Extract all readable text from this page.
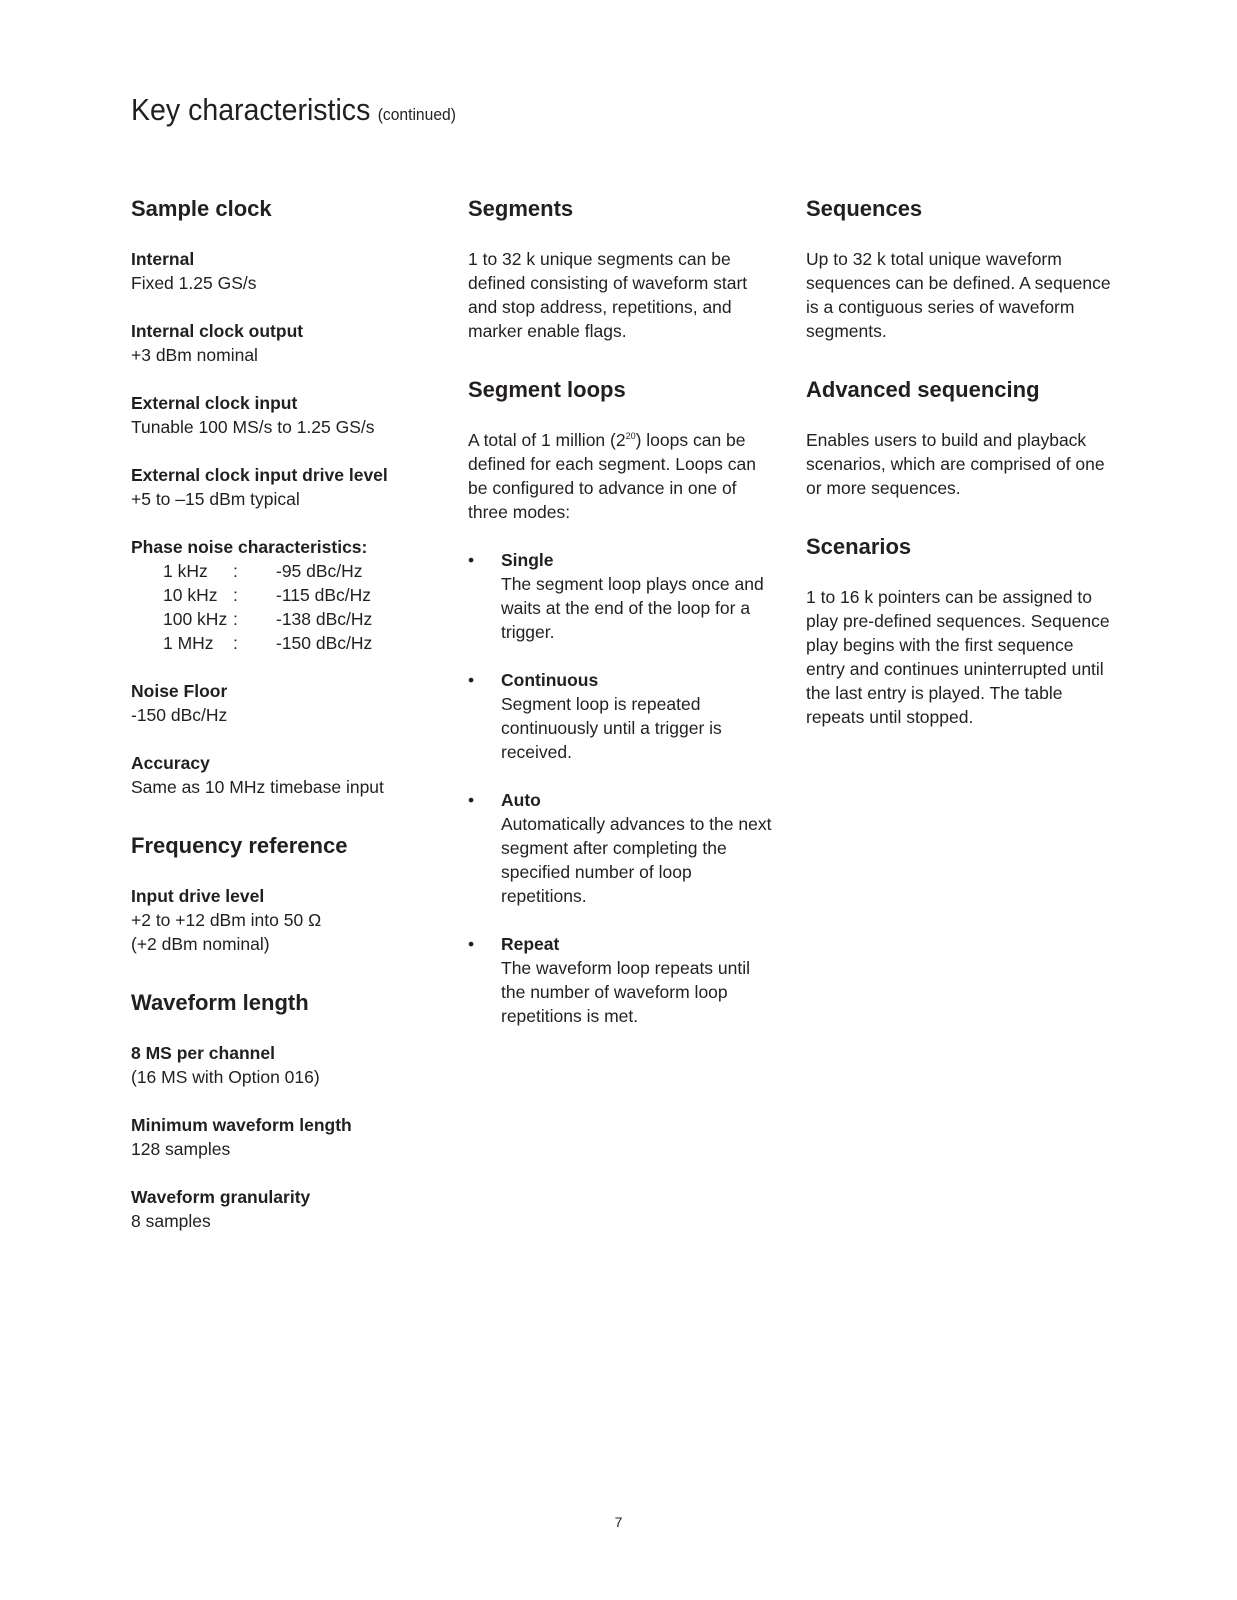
Key characteristics (continued)
Sample clock
Internal
Fixed 1.25 GS/s
Internal clock output
+3 dBm nominal
External clock input
Tunable 100 MS/s to 1.25 GS/s
External clock input drive level
+5 to –15 dBm typical
Phase noise characteristics:
1 kHz	:	-95 dBc/Hz
10 kHz :	-115 dBc/Hz
100 kHz :	-138 dBc/Hz
1 MHz	:	-150 dBc/Hz
Noise Floor
-150 dBc/Hz
Accuracy
Same as 10 MHz timebase input
Frequency reference
Input drive level
+2 to +12 dBm into 50 Ω
(+2 dBm nominal)
Waveform length
8 MS per channel
(16 MS with Option 016)
Minimum waveform length
128 samples
Waveform granularity
8 samples
Segments

1 to 32 k unique segments can be defined consisting of waveform start and stop address, repetitions, and marker enable flags.

Segment loops

A total of 1 million $(2^{20})$ loops can be defined for each segment. Loops can be configured to advance in one of three modes:

•	Single
The segment loop plays once and waits at the end of the loop for a trigger.
•	Continuous
Segment loop is repeated continuously until a trigger is received.
•	Auto
Automatically advances to the next segment after completing the specified number of loop repetitions.
•	Repeat
The waveform loop repeats until the number of waveform loop repetitions is met.
Sequences

Up to 32 k total unique waveform sequences can be defined. A sequence is a contiguous series of waveform segments.

Advanced sequencing

Enables users to build and playback scenarios, which are comprised of one or more sequences.

Scenarios

1 to 16 k pointers can be assigned to play pre-defined sequences. Sequence play begins with the first sequence entry and continues uninterrupted until the last entry is played. The table repeats until stopped.

7
